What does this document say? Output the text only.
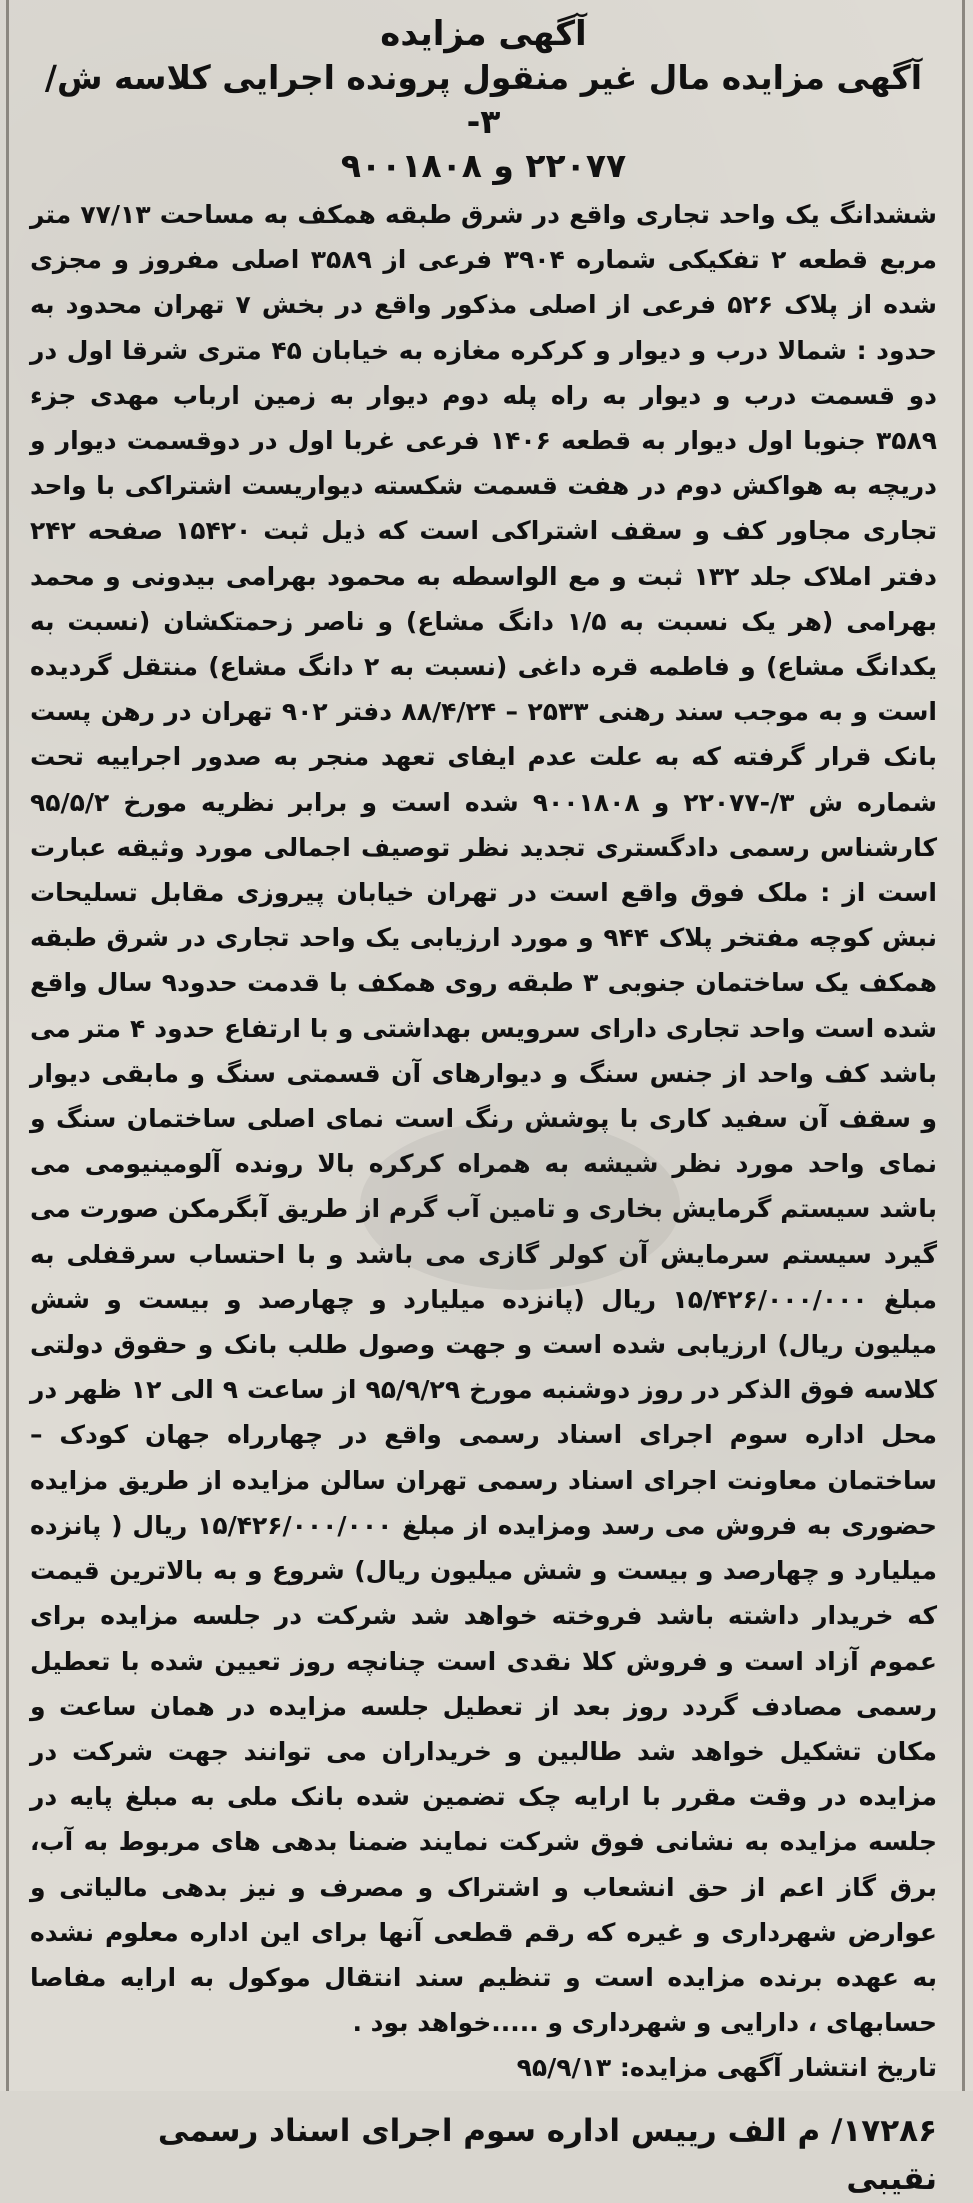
آگهی مزایده
آگهی مزایده مال غیر منقول پرونده اجرایی کلاسه ش/۳-
۲۲۰۷۷ و ۹۰۰۱۸۰۸

ششدانگ یک واحد تجاری واقع در شرق طبقه همکف به مساحت ۷۷/۱۳ متر مربع قطعه ۲ تفکیکی شماره ۳۹۰۴ فرعی از ۳۵۸۹ اصلی مفروز و مجزی شده از پلاک ۵۲۶ فرعی از اصلی مذکور واقع در بخش ۷ تهران محدود به حدود : شمالا درب و دیوار و کرکره مغازه به خیابان ۴۵ متری شرقا اول در دو قسمت درب و دیوار به راه پله دوم دیوار به زمین ارباب مهدی جزء ۳۵۸۹ جنوبا اول دیوار به قطعه ۱۴۰۶ فرعی غربا اول در دوقسمت دیوار و دریچه به هواکش دوم در هفت قسمت شکسته دیواریست اشتراکی با واحد تجاری مجاور کف و سقف اشتراکی است که ذیل ثبت ۱۵۴۲۰ صفحه ۲۴۲ دفتر املاک جلد ۱۳۲ ثبت و مع الواسطه به محمود بهرامی بیدونی و محمد بهرامی (هر یک نسبت به ۱/۵ دانگ مشاع) و ناصر زحمتکشان (نسبت به یکدانگ مشاع) و فاطمه قره داغی (نسبت به ۲ دانگ مشاع) منتقل گردیده است و به موجب سند رهنی ۲۵۳۳ – ۸۸/۴/۲۴ دفتر ۹۰۲ تهران در رهن پست بانک قرار گرفته که به علت عدم ایفای تعهد منجر به صدور اجراییه تحت شماره ش ۳/-۲۲۰۷۷ و ۹۰۰۱۸۰۸ شده است و برابر نظریه مورخ ۹۵/۵/۲ کارشناس رسمی دادگستری تجدید نظر توصیف اجمالی مورد وثیقه عبارت است از : ملک فوق واقع است در تهران خیابان پیروزی مقابل تسلیحات نبش کوچه مفتخر پلاک ۹۴۴ و مورد ارزیابی یک واحد تجاری در شرق طبقه همکف یک ساختمان جنوبی ۳ طبقه روی همکف با قدمت حدود۹ سال واقع شده است واحد تجاری دارای سرویس بهداشتی و با ارتفاع حدود ۴ متر می باشد کف واحد از جنس سنگ و دیوارهای آن قسمتی سنگ و مابقی دیوار و سقف آن سفید کاری با پوشش رنگ است نمای اصلی ساختمان سنگ و نمای واحد مورد نظر شیشه به همراه کرکره بالا رونده آلومینیومی می باشد سیستم گرمایش بخاری و تامین آب گرم از طریق آبگرمکن صورت می گیرد سیستم سرمایش آن کولر گازی می باشد و با احتساب سرقفلی به مبلغ ۱۵/۴۲۶/۰۰۰/۰۰۰ ریال (پانزده میلیارد و چهارصد و بیست و شش میلیون ریال) ارزیابی شده است و جهت وصول طلب بانک و حقوق دولتی کلاسه فوق الذکر در روز دوشنبه مورخ ۹۵/۹/۲۹ از ساعت ۹ الی ۱۲ ظهر در محل اداره سوم اجرای اسناد رسمی واقع در چهارراه جهان کودک – ساختمان معاونت اجرای اسناد رسمی تهران سالن مزایده از طریق مزایده حضوری به فروش می رسد ومزایده از مبلغ ۱۵/۴۲۶/۰۰۰/۰۰۰ ریال ( پانزده میلیارد و چهارصد و بیست و شش میلیون ریال) شروع و به بالاترین قیمت که خریدار داشته باشد فروخته خواهد شد شرکت در جلسه مزایده برای عموم آزاد است و فروش کلا نقدی است چنانچه روز تعیین شده با تعطیل رسمی مصادف گردد روز بعد از تعطیل جلسه مزایده در همان ساعت و مکان تشکیل خواهد شد طالبین و خریداران می توانند جهت شرکت در مزایده در وقت مقرر با ارایه چک تضمین شده بانک ملی به مبلغ پایه در جلسه مزایده به نشانی فوق شرکت نمایند ضمنا بدهی های مربوط به آب، برق گاز اعم از حق انشعاب و اشتراک و مصرف و نیز بدهی مالیاتی و عوارض شهرداری و غیره که رقم قطعی آنها برای این اداره معلوم نشده به عهده برنده مزایده است و تنظیم سند انتقال موکول به ارایه مفاصا حسابهای ، دارایی و شهرداری و .....خواهد بود .

تاریخ انتشار آگهی مزایده: ۹۵/۹/۱۳
۱۷۲۸۶/ م الف رییس اداره سوم اجرای اسناد رسمی
نقیبی
